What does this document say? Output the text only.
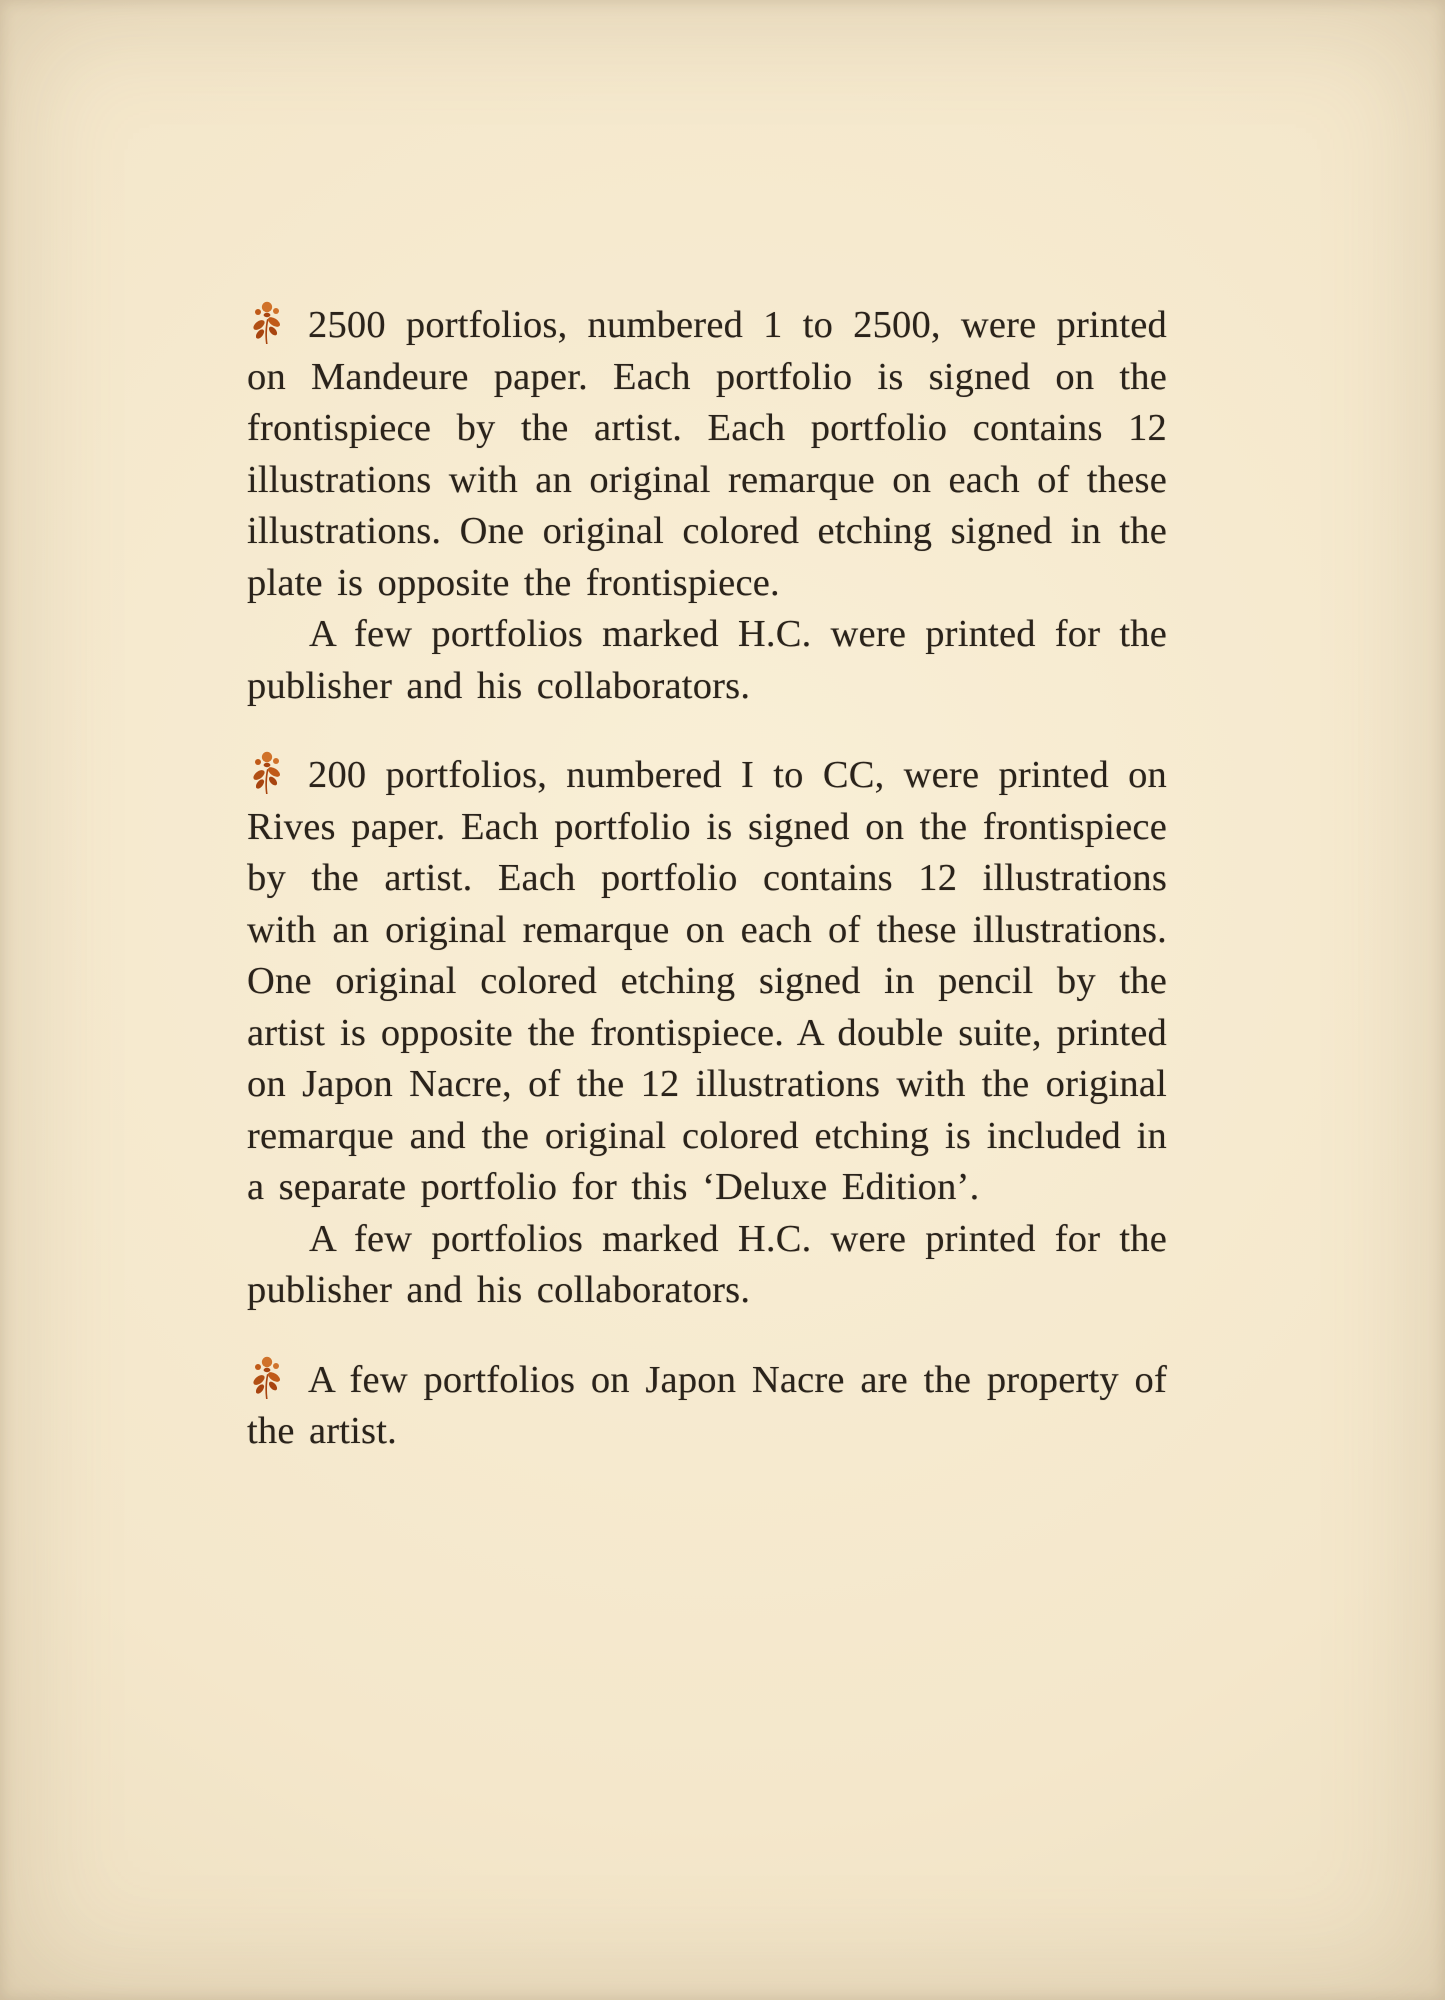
2500 portfolios, numbered 1 to 2500, were printed on Mandeure paper. Each portfolio is signed on the frontispiece by the artist. Each portfolio contains 12 illustrations with an original remarque on each of these illustrations. One original colored etching signed in the plate is opposite the frontispiece.

A few portfolios marked H.C. were printed for the publisher and his collaborators.

200 portfolios, numbered I to CC, were printed on Rives paper. Each portfolio is signed on the frontispiece by the artist. Each portfolio contains 12 illustrations with an original remarque on each of these illustrations. One original colored etching signed in pencil by the artist is opposite the frontispiece. A double suite, printed on Japon Nacre, of the 12 illustrations with the original remarque and the original colored etching is included in a separate portfolio for this ‘Deluxe Edition’.

A few portfolios marked H.C. were printed for the publisher and his collaborators.

A few portfolios on Japon Nacre are the property of the artist.
